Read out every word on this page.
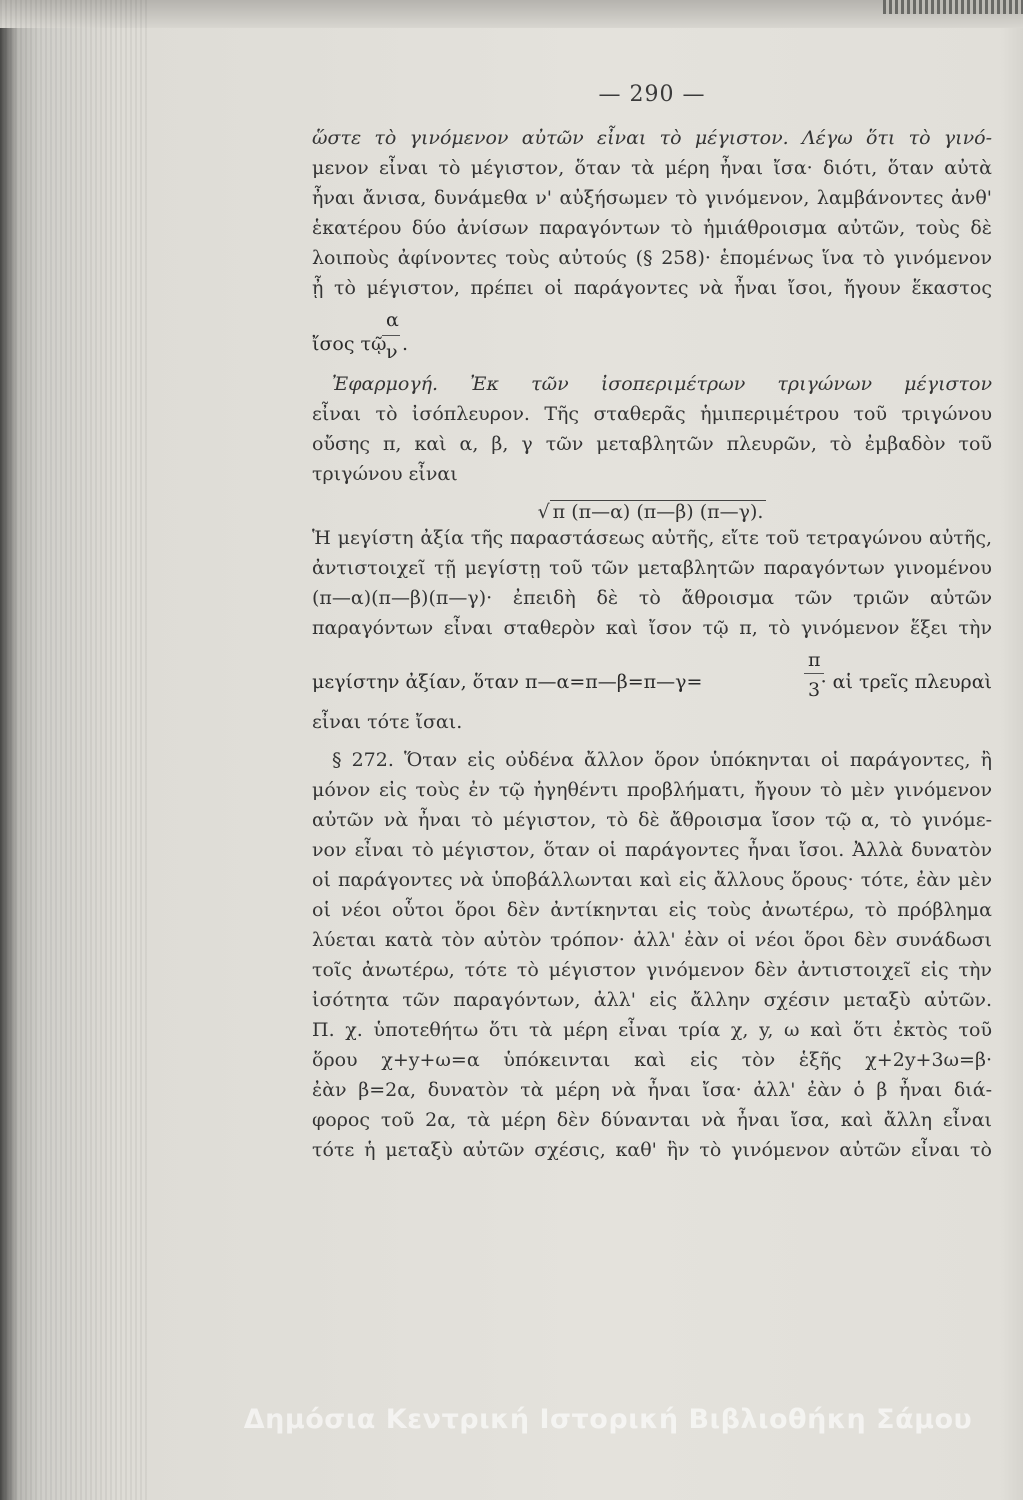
— 290 —
ὥστε τὸ γινόμενον αὐτῶν εἶναι τὸ μέγιστον. Λέγω ὅτι τὸ γινό-
μενον εἶναι τὸ μέγιστον, ὅταν τὰ μέρη ἦναι ἴσα· διότι, ὅταν αὐτὰ
ἦναι ἄνισα, δυνάμεθα ν' αὐξήσωμεν τὸ γινόμενον, λαμβάνοντες ἀνθ'
ἑκατέρου δύο ἀνίσων παραγόντων τὸ ἡμιάθροισμα αὐτῶν, τοὺς δὲ
λοιποὺς ἀφίνοντες τοὺς αὐτούς (§ 258)· ἑπομένως ἵνα τὸ γινόμενον
ᾖ τὸ μέγιστον, πρέπει οἱ παράγοντες νὰ ἦναι ἴσοι, ἤγουν ἕκαστος
ἴσος τῷ
α
ν .
Ἐφαρμογή. Ἐκ τῶν ἰσοπεριμέτρων τριγώνων μέγιστον
εἶναι τὸ ἰσόπλευρον. Τῆς σταθερᾶς ἡμιπεριμέτρου τοῦ τριγώνου
οὔσης π, καὶ α, β, γ τῶν μεταβλητῶν πλευρῶν, τὸ ἐμβαδὸν τοῦ
τριγώνου εἶναι
√ π (π—α) (π—β) (π—γ).
Ἡ μεγίστη ἀξία τῆς παραστάσεως αὐτῆς, εἴτε τοῦ τετραγώνου αὐτῆς,
ἀντιστοιχεῖ τῇ μεγίστῃ τοῦ τῶν μεταβλητῶν παραγόντων γινομένου
(π—α)(π—β)(π—γ)· ἐπειδὴ δὲ τὸ ἄθροισμα τῶν τριῶν αὐτῶν
παραγόντων εἶναι σταθερὸν καὶ ἴσον τῷ π, τὸ γινόμενον ἕξει τὴν
μεγίστην ἀξίαν, ὅταν π—α=π—β=π—γ=
π
3 · αἱ τρεῖς πλευραὶ
εἶναι τότε ἴσαι.
§ 272. Ὅταν εἰς οὐδένα ἄλλον ὅρον ὑπόκηνται οἱ παράγοντες, ἢ
μόνον εἰς τοὺς ἐν τῷ ἠγηθέντι προβλήματι, ἤγουν τὸ μὲν γινόμενον
αὐτῶν νὰ ἦναι τὸ μέγιστον, τὸ δὲ ἄθροισμα ἴσον τῷ α, τὸ γινόμε-
νον εἶναι τὸ μέγιστον, ὅταν οἱ παράγοντες ἦναι ἴσοι. Ἀλλὰ δυνατὸν
οἱ παράγοντες νὰ ὑποβάλλωνται καὶ εἰς ἄλλους ὅρους· τότε, ἐὰν μὲν
οἱ νέοι οὗτοι ὅροι δὲν ἀντίκηνται εἰς τοὺς ἀνωτέρω, τὸ πρόβλημα
λύεται κατὰ τὸν αὐτὸν τρόπον· ἀλλ' ἐὰν οἱ νέοι ὅροι δὲν συνάδωσι
τοῖς ἀνωτέρω, τότε τὸ μέγιστον γινόμενον δὲν ἀντιστοιχεῖ εἰς τὴν
ἰσότητα τῶν παραγόντων, ἀλλ' εἰς ἄλλην σχέσιν μεταξὺ αὐτῶν.
Π. χ. ὑποτεθήτω ὅτι τὰ μέρη εἶναι τρία χ, y, ω καὶ ὅτι ἐκτὸς τοῦ
ὅρου χ+y+ω=α ὑπόκεινται καὶ εἰς τὸν ἑξῆς χ+2y+3ω=β·
ἐὰν β=2α, δυνατὸν τὰ μέρη νὰ ἦναι ἴσα· ἀλλ' ἐὰν ὁ β ἦναι διά-
φορος τοῦ 2α, τὰ μέρη δὲν δύνανται νὰ ἦναι ἴσα, καὶ ἄλλη εἶναι
τότε ἡ μεταξὺ αὐτῶν σχέσις, καθ' ἣν τὸ γινόμενον αὐτῶν εἶναι τὸ
Δημόσια Κεντρική Ιστορική Βιβλιοθήκη Σάμου
